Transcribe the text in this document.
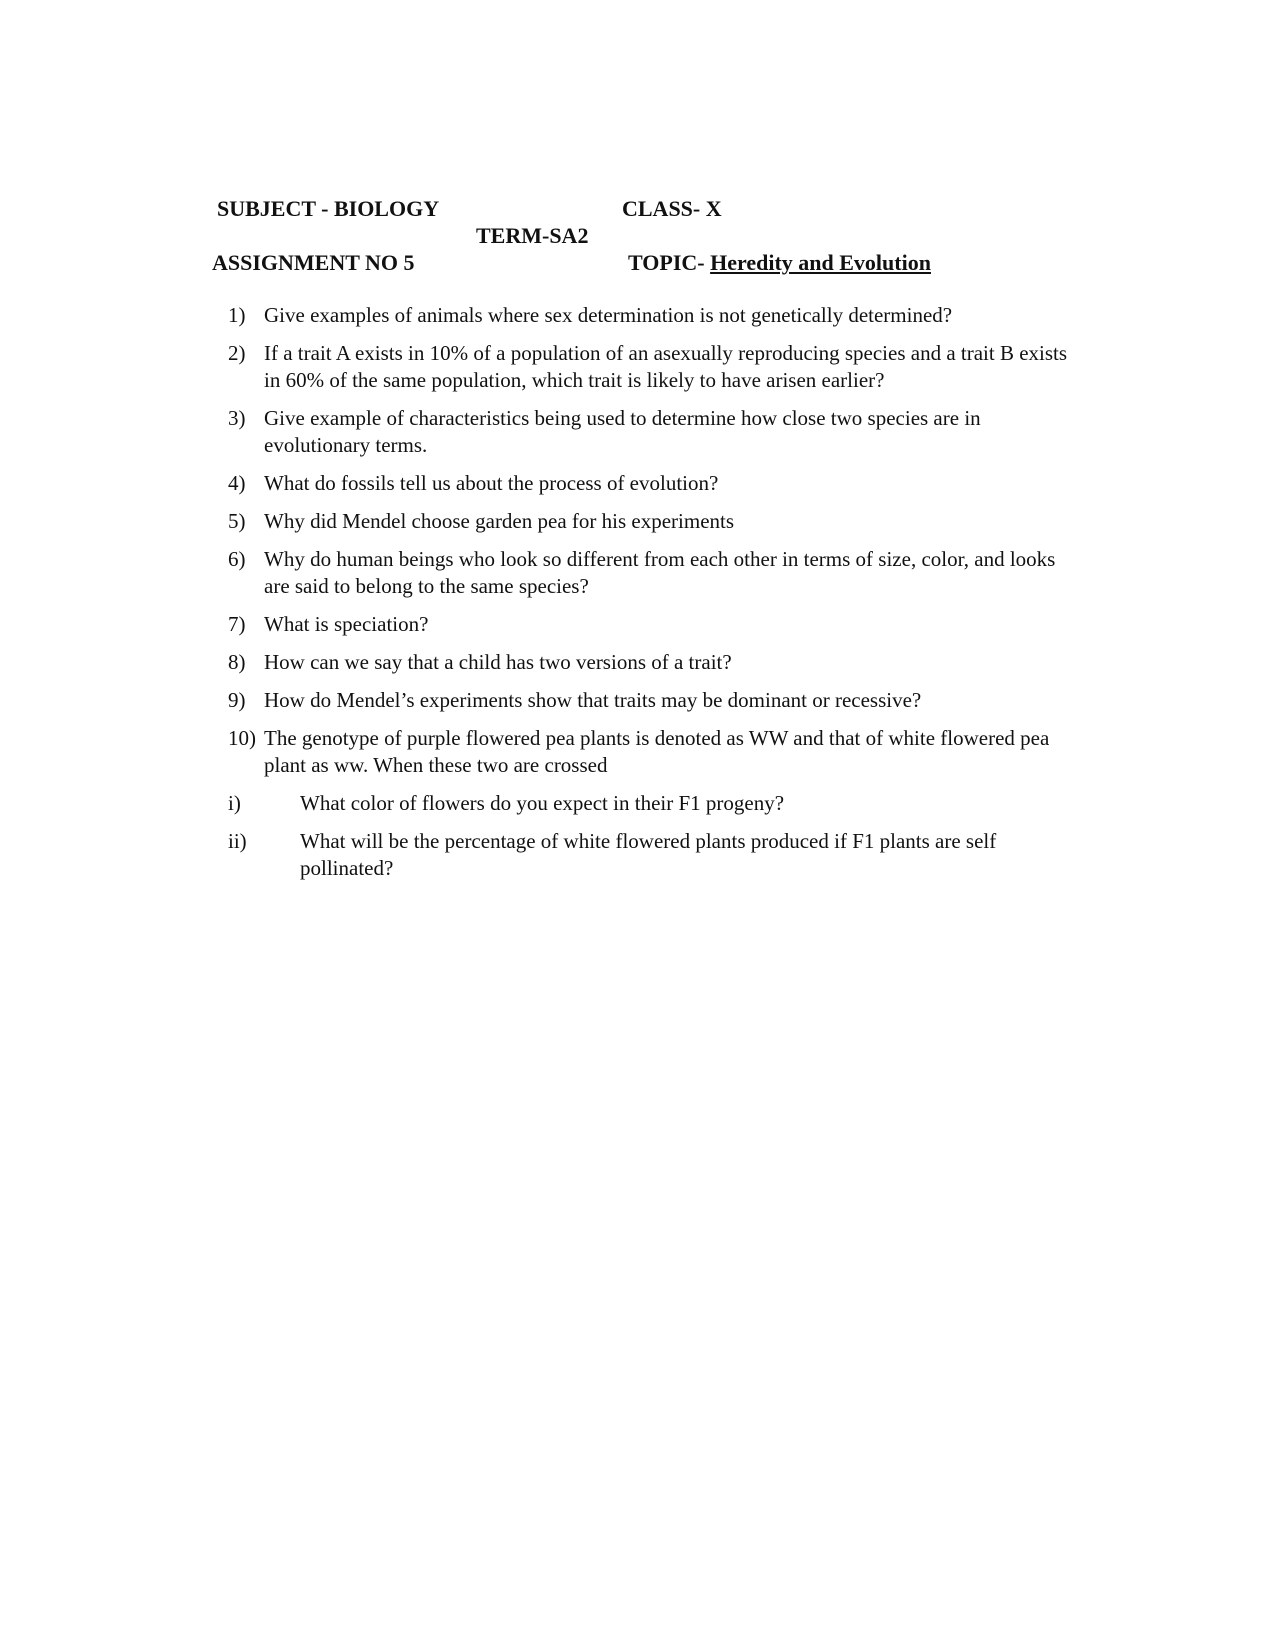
SUBJECT - BIOLOGY	CLASS- X
TERM-SA2
ASSIGNMENT NO 5	TOPIC- Heredity and Evolution
1) Give examples of animals where sex determination is not genetically determined?
2) If a trait A exists in 10% of a population of an asexually reproducing species and a trait B exists in 60% of the same population, which trait is likely to have arisen earlier?
3) Give example of characteristics being used to determine how close two species are in evolutionary terms.
4) What do fossils tell us about the process of evolution?
5) Why did Mendel choose garden pea for his experiments
6) Why do human beings who look so different from each other in terms of size, color, and looks are said to belong to the same species?
7) What is speciation?
8) How can we say that a child has two versions of a trait?
9) How do Mendel’s experiments show that traits may be dominant or recessive?
10) The genotype of purple flowered pea plants is denoted as WW and that of white flowered pea plant as ww. When these two are crossed
i)	What color of flowers do you expect in their F1 progeny?
ii)	What will be the percentage of white flowered plants produced if F1 plants are self pollinated?
